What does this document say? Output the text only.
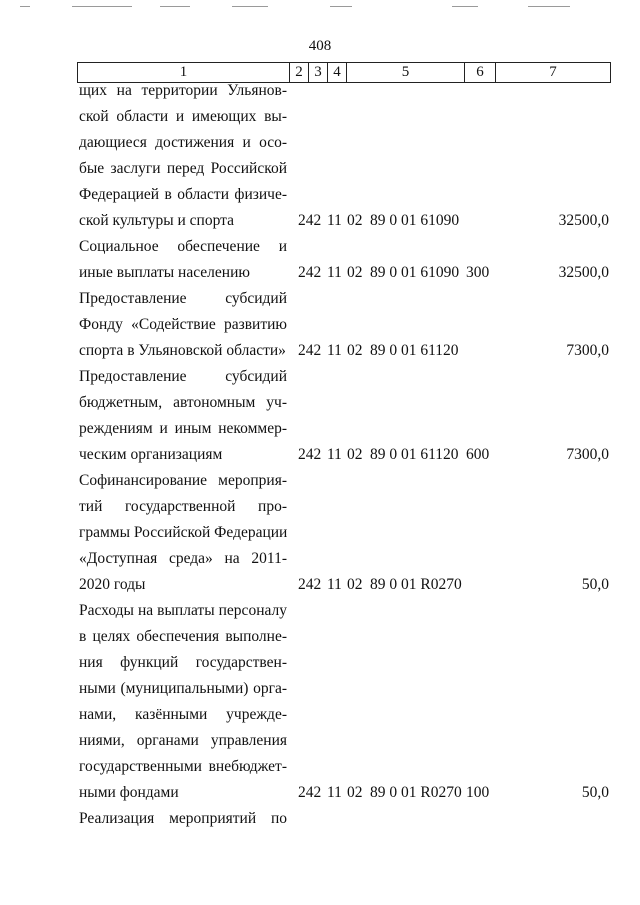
408
1	2	3	4	5	6	7
щих на территории Ульянов-
ской области и имеющих вы-
дающиеся достижения и осо-
бые заслуги перед Российской
Федерацией в области физиче-
ской культуры и спорта	242 11 02 89 0 01 61090	32500,0
Социальное обеспечение и
иные выплаты населению	242 11 02 89 0 01 61090 300	32500,0
Предоставление субсидий
Фонду «Содействие развитию
спорта в Ульяновской области» 242 11 02 89 0 01 61120	7300,0
Предоставление субсидий
бюджетным, автономным уч-
реждениям и иным некоммер-
ческим организациям	242 11 02 89 0 01 61120 600	7300,0
Софинансирование мероприя-
тий государственной про-
граммы Российской Федерации
«Доступная среда» на 2011-
2020 годы	242 11 02 89 0 01 R0270	50,0
Расходы на выплаты персоналу
в целях обеспечения выполне-
ния функций государствен-
ными (муниципальными) орга-
нами, казёнными учрежде-
ниями, органами управления
государственными внебюджет-
ными фондами	242 11 02 89 0 01 R0270 100	50,0
Реализация мероприятий по
